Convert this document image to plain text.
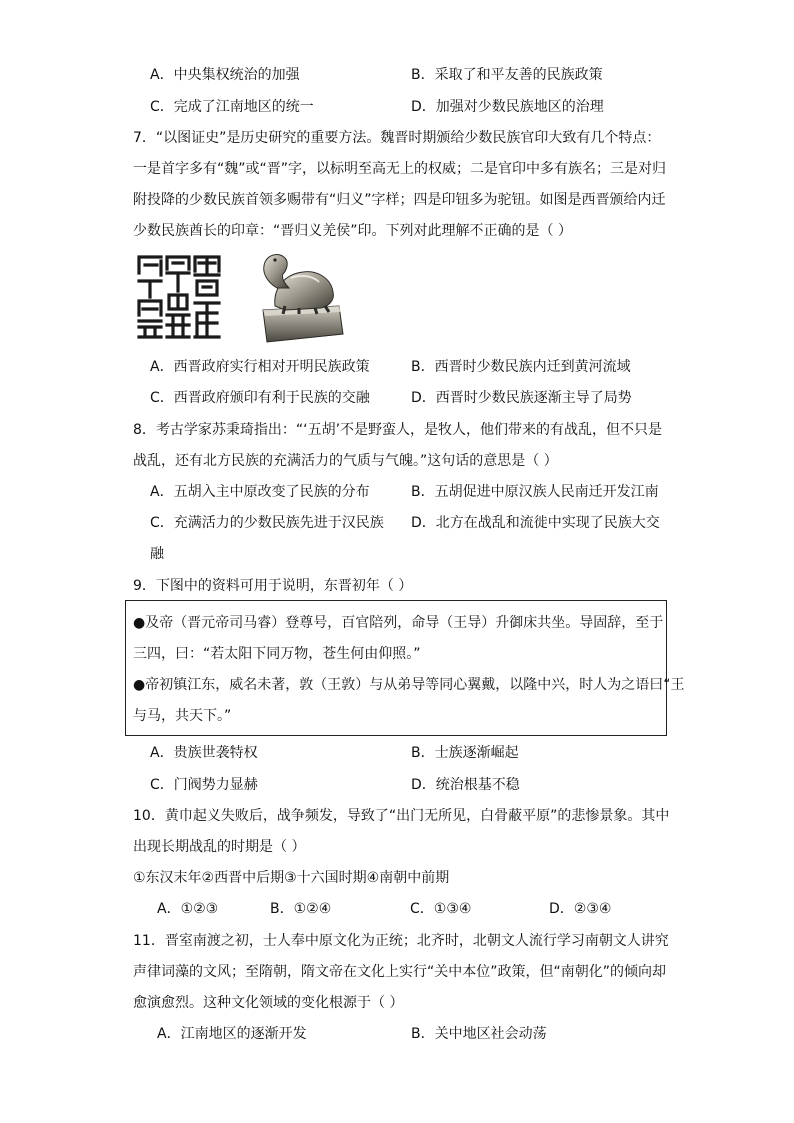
A．中央集权统治的加强	B．采取了和平友善的民族政策
C．完成了江南地区的统一	D．加强对少数民族地区的治理
7．“以图证史”是历史研究的重要方法。魏晋时期颁给少数民族官印大致有几个特点：
一是首字多有“魏”或“晋”字，以标明至高无上的权威；二是官印中多有族名；三是对归
附投降的少数民族首领多赐带有“归义”字样；四是印钮多为驼钮。如图是西晋颁给内迁
少数民族酋长的印章：“晋归义羌侯”印。下列对此理解不正确的是（ ）
A．西晋政府实行相对开明民族政策	B．西晋时少数民族内迁到黄河流域
C．西晋政府颁印有利于民族的交融	D．西晋时少数民族逐渐主导了局势
8．考古学家苏秉琦指出：“‘五胡’不是野蛮人，是牧人，他们带来的有战乱，但不只是
战乱，还有北方民族的充满活力的气质与气魄。”这句话的意思是（ ）
A．五胡入主中原改变了民族的分布	B．五胡促进中原汉族人民南迁开发江南
C．充满活力的少数民族先进于汉民族 D．北方在战乱和流徙中实现了民族大交
融
9．下图中的资料可用于说明，东晋初年（ ）
●及帝（晋元帝司马睿）登尊号，百官陪列，命导（王导）升御床共坐。导固辞，至于
三四，曰：“若太阳下同万物，苍生何由仰照。”
●帝初镇江东，威名未著，敦（王敦）与从弟导等同心翼戴，以隆中兴，时人为之语曰“王
与马，共天下。”
A．贵族世袭特权	B．士族逐渐崛起
C．门阀势力显赫	D．统治根基不稳
10．黄巾起义失败后，战争频发，导致了“出门无所见，白骨蔽平原”的悲惨景象。其中
出现长期战乱的时期是（ ）
①东汉末年②西晋中后期③十六国时期④南朝中前期
A．①②③	B．①②④	C．①③④	D．②③④
11．晋室南渡之初，士人奉中原文化为正统；北齐时，北朝文人流行学习南朝文人讲究
声律词藻的文风；至隋朝，隋文帝在文化上实行“关中本位”政策，但“南朝化”的倾向却
愈演愈烈。这种文化领域的变化根源于（ ）
A．江南地区的逐渐开发	B．关中地区社会动荡
